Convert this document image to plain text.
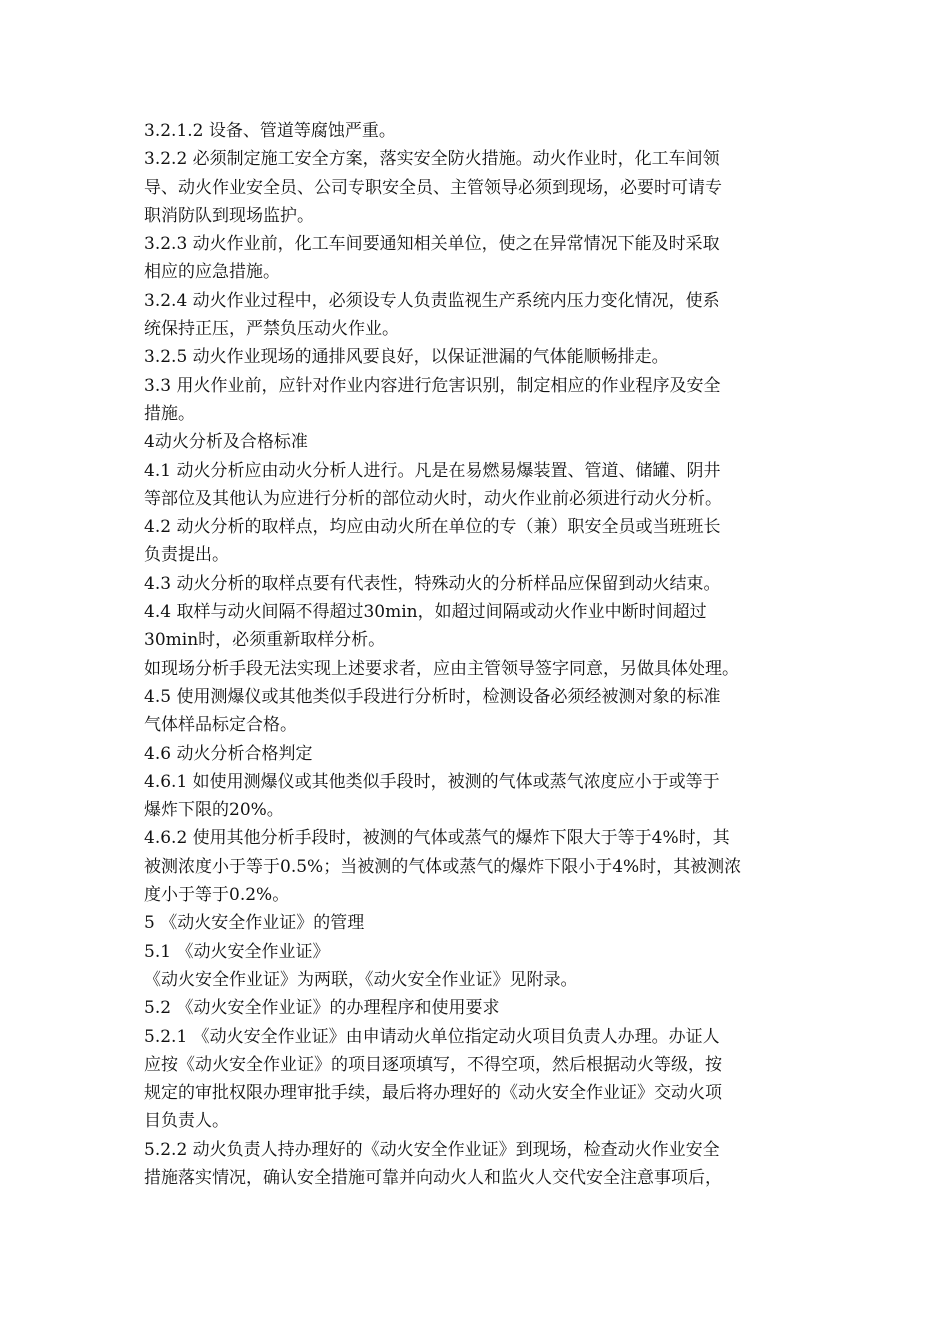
3.2.1.2 设备、管道等腐蚀严重。
3.2.2 必须制定施工安全方案，落实安全防火措施。动火作业时，化工车间领
导、动火作业安全员、公司专职安全员、主管领导必须到现场，必要时可请专
职消防队到现场监护。
3.2.3 动火作业前，化工车间要通知相关单位，使之在异常情况下能及时采取
相应的应急措施。
3.2.4 动火作业过程中，必须设专人负责监视生产系统内压力变化情况，使系
统保持正压，严禁负压动火作业。
3.2.5 动火作业现场的通排风要良好，以保证泄漏的气体能顺畅排走。
3.3 用火作业前，应针对作业内容进行危害识别，制定相应的作业程序及安全
措施。
4动火分析及合格标准
4.1 动火分析应由动火分析人进行。凡是在易燃易爆装置、管道、储罐、阴井
等部位及其他认为应进行分析的部位动火时，动火作业前必须进行动火分析。
4.2 动火分析的取样点，均应由动火所在单位的专（兼）职安全员或当班班长
负责提出。
4.3 动火分析的取样点要有代表性，特殊动火的分析样品应保留到动火结束。
4.4 取样与动火间隔不得超过30min，如超过间隔或动火作业中断时间超过
30min时，必须重新取样分析。
如现场分析手段无法实现上述要求者，应由主管领导签字同意，另做具体处理。
4.5 使用测爆仪或其他类似手段进行分析时，检测设备必须经被测对象的标准
气体样品标定合格。
4.6 动火分析合格判定
4.6.1 如使用测爆仪或其他类似手段时，被测的气体或蒸气浓度应小于或等于
爆炸下限的20%。
4.6.2 使用其他分析手段时，被测的气体或蒸气的爆炸下限大于等于4%时，其
被测浓度小于等于0.5%；当被测的气体或蒸气的爆炸下限小于4%时，其被测浓
度小于等于0.2%。
5 《动火安全作业证》的管理
5.1 《动火安全作业证》
《动火安全作业证》为两联，《动火安全作业证》见附录。
5.2 《动火安全作业证》的办理程序和使用要求
5.2.1 《动火安全作业证》由申请动火单位指定动火项目负责人办理。办证人
应按《动火安全作业证》的项目逐项填写，不得空项，然后根据动火等级，按
规定的审批权限办理审批手续，最后将办理好的《动火安全作业证》交动火项
目负责人。
5.2.2 动火负责人持办理好的《动火安全作业证》到现场，检查动火作业安全
措施落实情况，确认安全措施可靠并向动火人和监火人交代安全注意事项后，
